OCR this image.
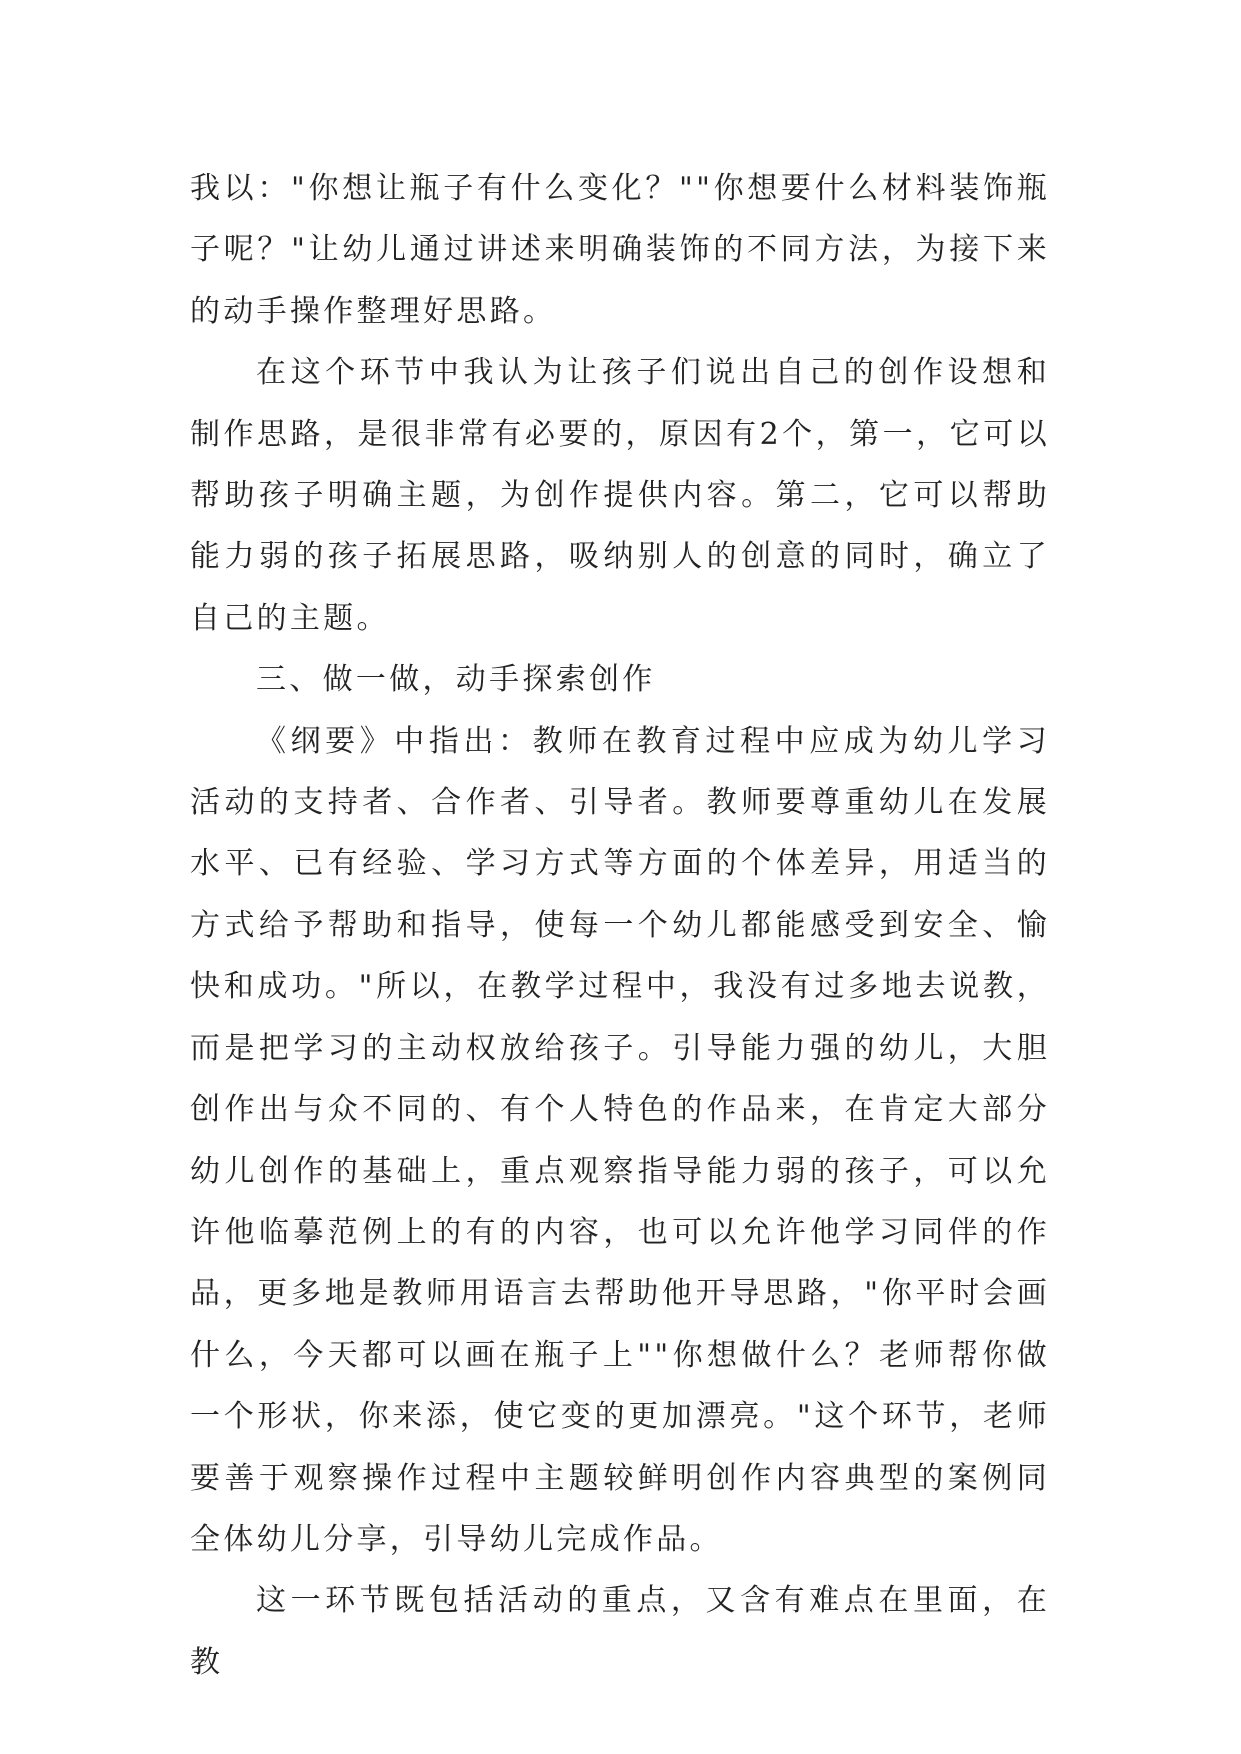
我以："你想让瓶子有什么变化？""你想要什么材料装饰瓶子呢？"让幼儿通过讲述来明确装饰的不同方法，为接下来的动手操作整理好思路。

在这个环节中我认为让孩子们说出自己的创作设想和制作思路，是很非常有必要的，原因有2个，第一，它可以帮助孩子明确主题，为创作提供内容。第二，它可以帮助能力弱的孩子拓展思路，吸纳别人的创意的同时，确立了自己的主题。

三、做一做，动手探索创作

《纲要》中指出：教师在教育过程中应成为幼儿学习活动的支持者、合作者、引导者。教师要尊重幼儿在发展水平、已有经验、学习方式等方面的个体差异，用适当的方式给予帮助和指导，使每一个幼儿都能感受到安全、愉快和成功。"所以，在教学过程中，我没有过多地去说教，而是把学习的主动权放给孩子。引导能力强的幼儿，大胆创作出与众不同的、有个人特色的作品来，在肯定大部分幼儿创作的基础上，重点观察指导能力弱的孩子，可以允许他临摹范例上的有的内容，也可以允许他学习同伴的作品，更多地是教师用语言去帮助他开导思路，"你平时会画什么，今天都可以画在瓶子上""你想做什么？老师帮你做一个形状，你来添，使它变的更加漂亮。"这个环节，老师要善于观察操作过程中主题较鲜明创作内容典型的案例同全体幼儿分享，引导幼儿完成作品。

这一环节既包括活动的重点，又含有难点在里面，在教
